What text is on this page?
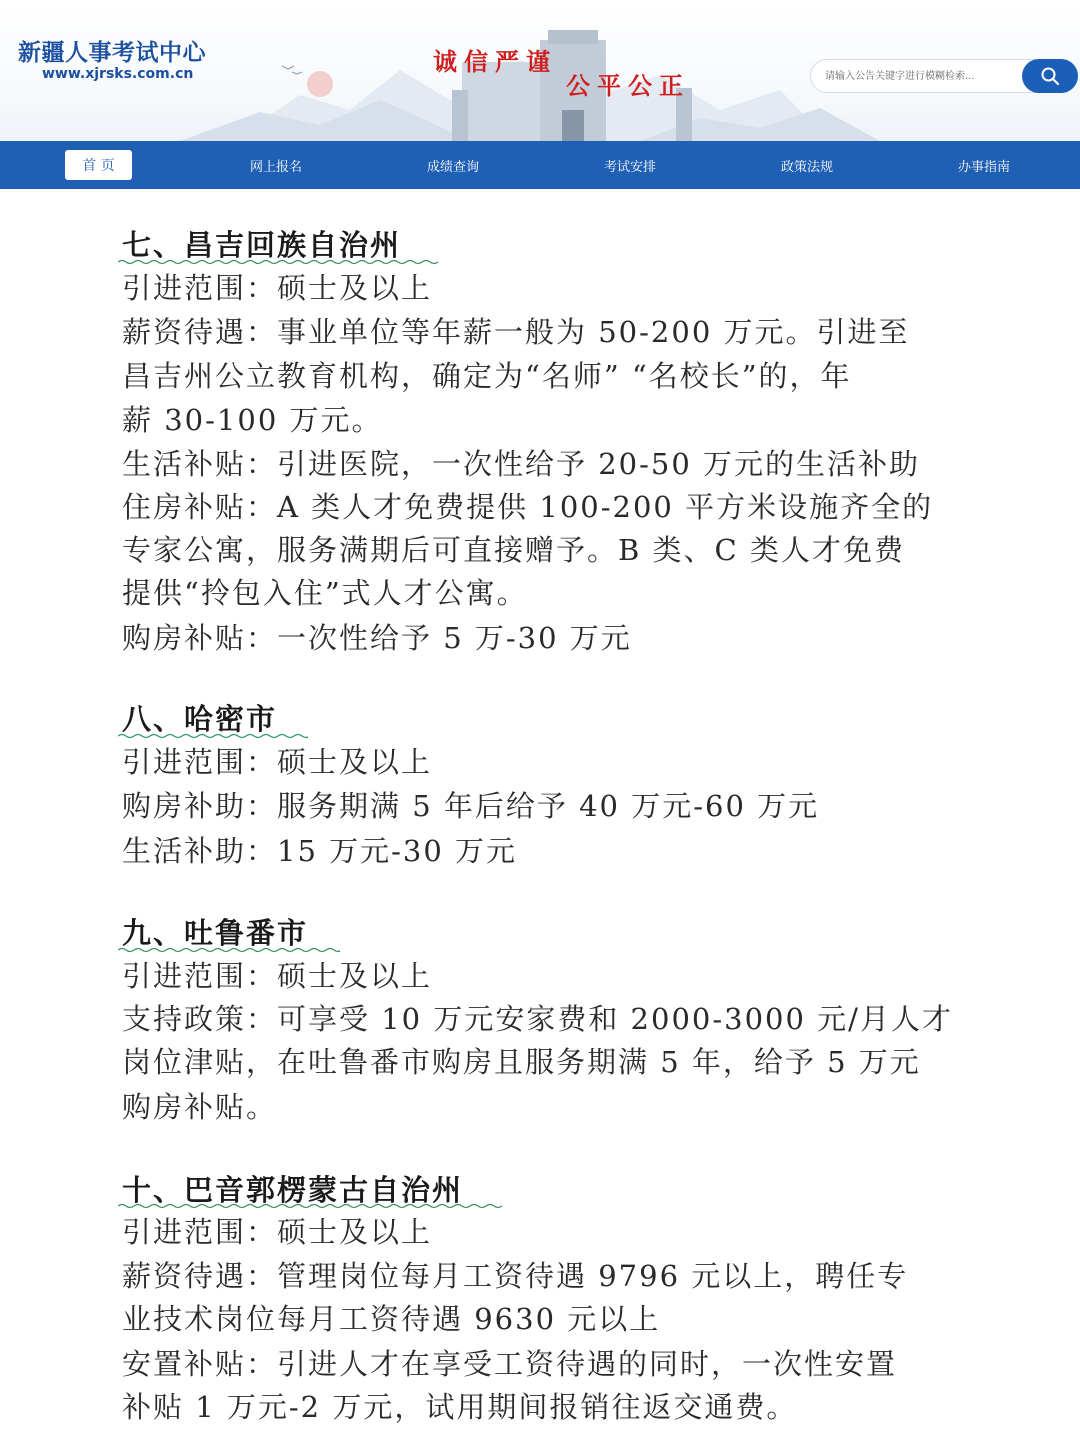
新疆人事考试中心
www.xjrsks.com.cn	诚信严谨
公平公正
请输入公告关键字进行模糊检索...
首 页	网上报名	成绩查询	考试安排	政策法规	办事指南
七、昌吉回族自治州
引进范围：硕士及以上
薪资待遇：事业单位等年薪一般为 50-200 万元。引进至
昌吉州公立教育机构，确定为“名师” “名校长”的，年
薪 30-100 万元。
生活补贴：引进医院，一次性给予 20-50 万元的生活补助
住房补贴：A 类人才免费提供 100-200 平方米设施齐全的
专家公寓，服务满期后可直接赠予。B 类、C 类人才免费
提供“拎包入住”式人才公寓。
购房补贴：一次性给予 5 万-30 万元
八、哈密市
引进范围：硕士及以上
购房补助：服务期满 5 年后给予 40 万元-60 万元
生活补助：15 万元-30 万元
九、吐鲁番市
引进范围：硕士及以上
支持政策：可享受 10 万元安家费和 2000-3000 元/月人才
岗位津贴，在吐鲁番市购房且服务期满 5 年，给予 5 万元
购房补贴。
十、巴音郭楞蒙古自治州
引进范围：硕士及以上
薪资待遇：管理岗位每月工资待遇 9796 元以上，聘任专
业技术岗位每月工资待遇 9630 元以上
安置补贴：引进人才在享受工资待遇的同时，一次性安置
补贴 1 万元-2 万元，试用期间报销往返交通费。
